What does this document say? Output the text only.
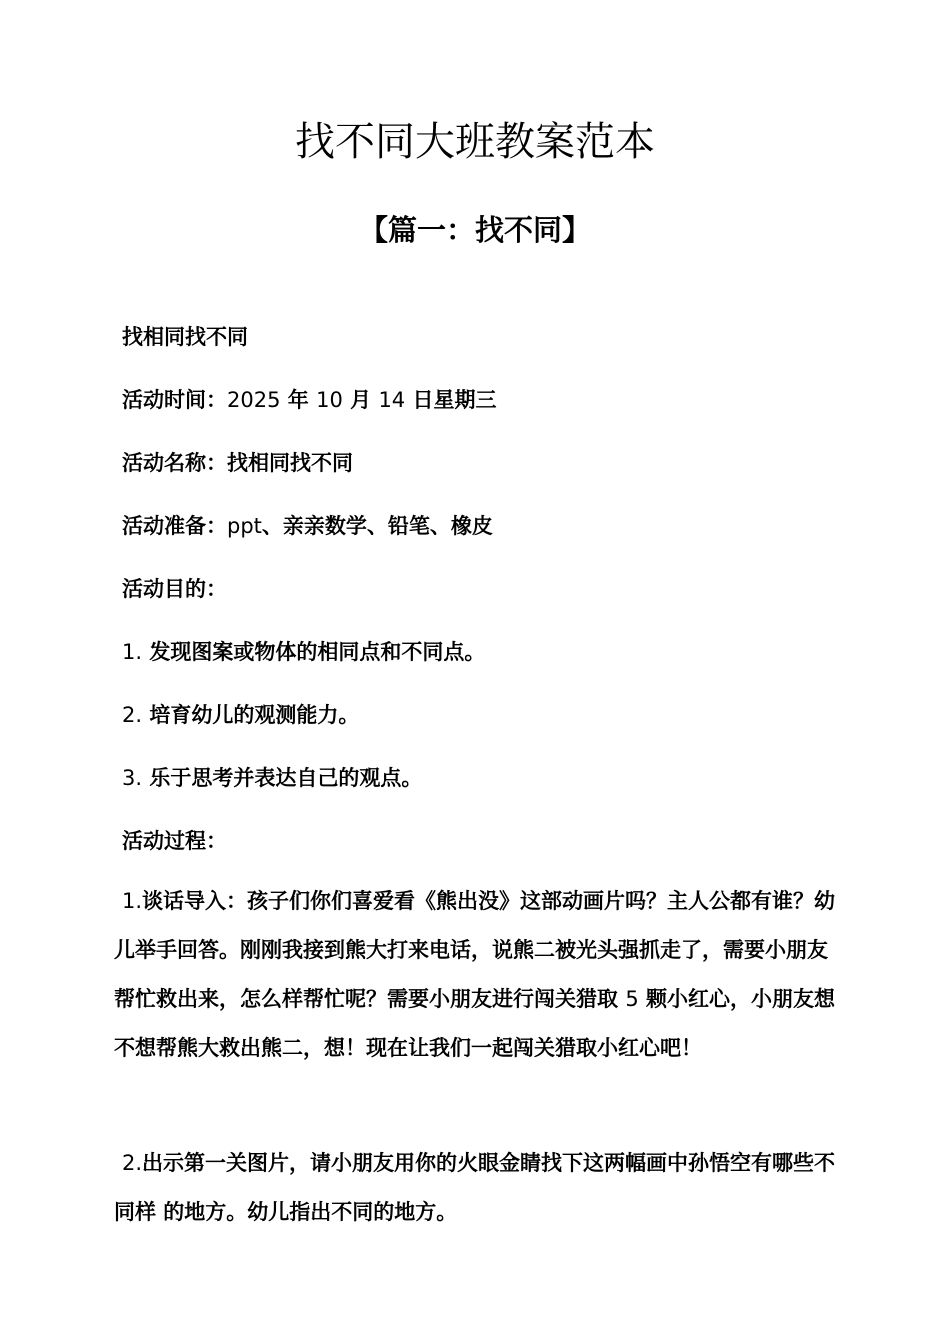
找不同大班教案范本
【篇一：找不同】
找相同找不同
活动时间：2025 年 10 月 14 日星期三
活动名称：找相同找不同
活动准备：ppt、亲亲数学、铅笔、橡皮
活动目的：
1. 发现图案或物体的相同点和不同点。
2. 培育幼儿的观测能力。
3. 乐于思考并表达自己的观点。
活动过程：

1.谈话导入：孩子们你们喜爱看《熊出没》这部动画片吗？主人公都有谁？幼儿举手回答。刚刚我接到熊大打来电话，说熊二被光头强抓走了，需要小朋友帮忙救出来，怎么样帮忙呢？需要小朋友进行闯关猎取 5 颗小红心，小朋友想不想帮熊大救出熊二，想！现在让我们一起闯关猎取小红心吧！

2.出示第一关图片，请小朋友用你的火眼金睛找下这两幅画中孙悟空有哪些不同样 的地方。幼儿指出不同的地方。
